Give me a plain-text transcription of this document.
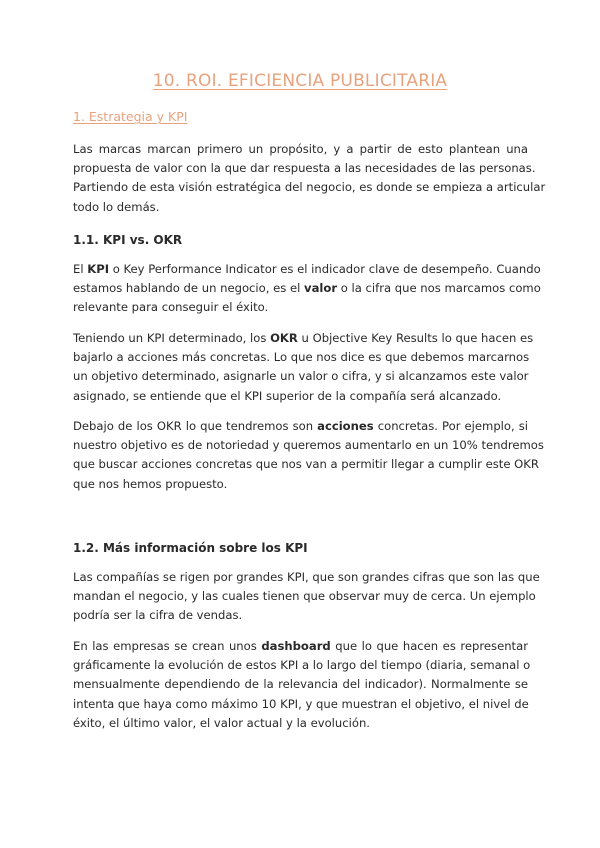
10. ROI. EFICIENCIA PUBLICITARIA
1. Estrategia y KPI
Las marcas marcan primero un propósito, y a partir de esto plantean una
propuesta de valor con la que dar respuesta a las necesidades de las personas.
Partiendo de esta visión estratégica del negocio, es donde se empieza a articular
todo lo demás.
1.1. KPI vs. OKR
El KPI o Key Performance Indicator es el indicador clave de desempeño. Cuando
estamos hablando de un negocio, es el valor o la cifra que nos marcamos como
relevante para conseguir el éxito.
Teniendo un KPI determinado, los OKR u Objective Key Results lo que hacen es
bajarlo a acciones más concretas. Lo que nos dice es que debemos marcarnos
un objetivo determinado, asignarle un valor o cifra, y si alcanzamos este valor
asignado, se entiende que el KPI superior de la compañía será alcanzado.
Debajo de los OKR lo que tendremos son acciones concretas. Por ejemplo, si
nuestro objetivo es de notoriedad y queremos aumentarlo en un 10% tendremos
que buscar acciones concretas que nos van a permitir llegar a cumplir este OKR
que nos hemos propuesto.
1.2. Más información sobre los KPI
Las compañías se rigen por grandes KPI, que son grandes cifras que son las que
mandan el negocio, y las cuales tienen que observar muy de cerca. Un ejemplo
podría ser la cifra de vendas.
En las empresas se crean unos dashboard que lo que hacen es representar
gráficamente la evolución de estos KPI a lo largo del tiempo (diaria, semanal o
mensualmente dependiendo de la relevancia del indicador). Normalmente se
intenta que haya como máximo 10 KPI, y que muestran el objetivo, el nivel de
éxito, el último valor, el valor actual y la evolución.
